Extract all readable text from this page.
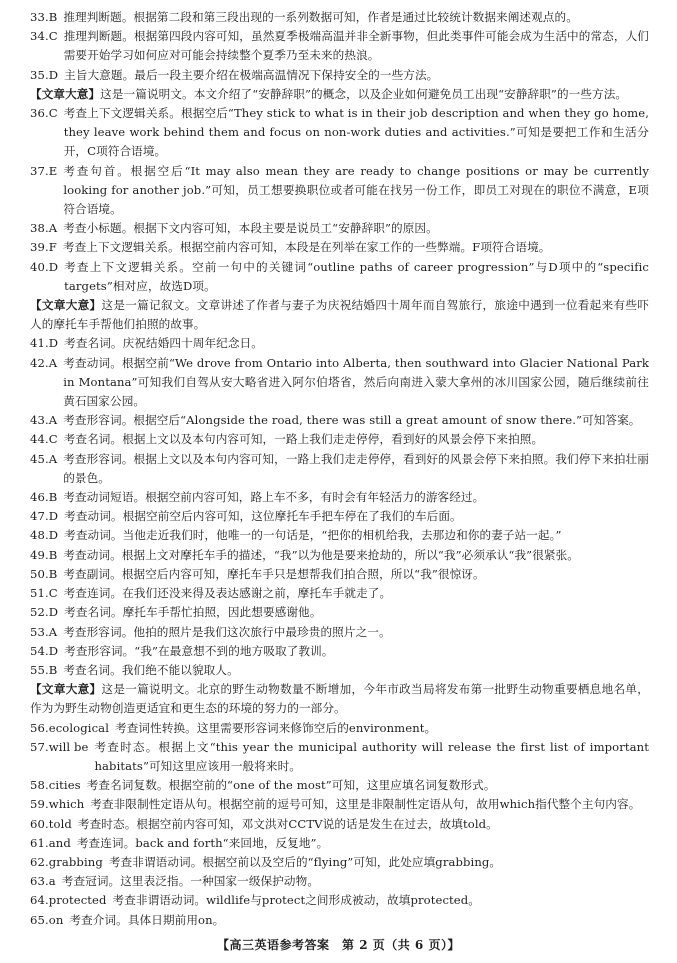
33.B 推理判断题。根据第二段和第三段出现的一系列数据可知，作者是通过比较统计数据来阐述观点的。
34.C 推理判断题。根据第四段内容可知，虽然夏季极端高温并非全新事物，但此类事件可能会成为生活中的常态，人们需要开始学习如何应对可能会持续整个夏季乃至未来的热浪。
35.D 主旨大意题。最后一段主要介绍在极端高温情况下保持安全的一些方法。
【文章大意】这是一篇说明文。本文介绍了“安静辞职”的概念，以及企业如何避免员工出现“安静辞职”的一些方法。
36.C 考查上下文逻辑关系。根据空后“They stick to what is in their job description and when they go home, they leave work behind them and focus on non-work duties and activities.”可知是要把工作和生活分开，C项符合语境。
37.E 考查句首。根据空后“It may also mean they are ready to change positions or may be currently looking for another job.”可知，员工想要换职位或者可能在找另一份工作，即员工对现在的职位不满意，E项符合语境。
38.A 考查小标题。根据下文内容可知，本段主要是说员工“安静辞职”的原因。
39.F 考查上下文逻辑关系。根据空前内容可知，本段是在列举在家工作的一些弊端。F项符合语境。
40.D 考查上下文逻辑关系。空前一句中的关键词“outline paths of career progression”与D项中的“specific targets”相对应，故选D项。
【文章大意】这是一篇记叙文。文章讲述了作者与妻子为庆祝结婚四十周年而自驾旅行，旅途中遇到一位看起来有些吓人的摩托车手帮他们拍照的故事。
41.D 考查名词。庆祝结婚四十周年纪念日。
42.A 考查动词。根据空前“We drove from Ontario into Alberta, then southward into Glacier National Park in Montana”可知我们自驾从安大略省进入阿尔伯塔省，然后向南进入蒙大拿州的冰川国家公园，随后继续前往黄石国家公园。
43.A 考查形容词。根据空后“Alongside the road, there was still a great amount of snow there.”可知答案。
44.C 考查名词。根据上文以及本句内容可知，一路上我们走走停停，看到好的风景会停下来拍照。
45.A 考查形容词。根据上文以及本句内容可知，一路上我们走走停停，看到好的风景会停下来拍照。我们停下来拍壮丽的景色。
46.B 考查动词短语。根据空前内容可知，路上车不多，有时会有年轻活力的游客经过。
47.D 考查动词。根据空前空后内容可知，这位摩托车手把车停在了我们的车后面。
48.D 考查动词。当他走近我们时，他唯一的一句话是，“把你的相机给我，去那边和你的妻子站一起。”
49.B 考查动词。根据上文对摩托车手的描述，“我”以为他是要来抢劫的，所以“我”必须承认“我”很紧张。
50.B 考查副词。根据空后内容可知，摩托车手只是想帮我们拍合照，所以“我”很惊讶。
51.C 考查连词。在我们还没来得及表达感谢之前，摩托车手就走了。
52.D 考查名词。摩托车手帮忙拍照，因此想要感谢他。
53.A 考查形容词。他拍的照片是我们这次旅行中最珍贵的照片之一。
54.D 考查形容词。“我”在最意想不到的地方吸取了教训。
55.B 考查名词。我们绝不能以貌取人。
【文章大意】这是一篇说明文。北京的野生动物数量不断增加，今年市政当局将发布第一批野生动物重要栖息地名单，作为为野生动物创造更适宜和更生态的环境的努力的一部分。
56.ecological 考查词性转换。这里需要形容词来修饰空后的environment。
57.will be 考查时态。根据上文“this year the municipal authority will release the first list of important habitats”可知这里应该用一般将来时。
58.cities 考查名词复数。根据空前的“one of the most”可知，这里应填名词复数形式。
59.which 考查非限制性定语从句。根据空前的逗号可知，这里是非限制性定语从句，故用which指代整个主句内容。
60.told 考查时态。根据空前内容可知，邓文洪对CCTV说的话是发生在过去，故填told。
61.and 考查连词。back and forth“来回地，反复地”。
62.grabbing 考查非谓语动词。根据空前以及空后的“flying”可知，此处应填grabbing。
63.a 考查冠词。这里表泛指。一种国家一级保护动物。
64.protected 考查非谓语动词。wildlife与protect之间形成被动，故填protected。
65.on 考查介词。具体日期前用on。
【高三英语参考答案　第 2 页（共 6 页）】
